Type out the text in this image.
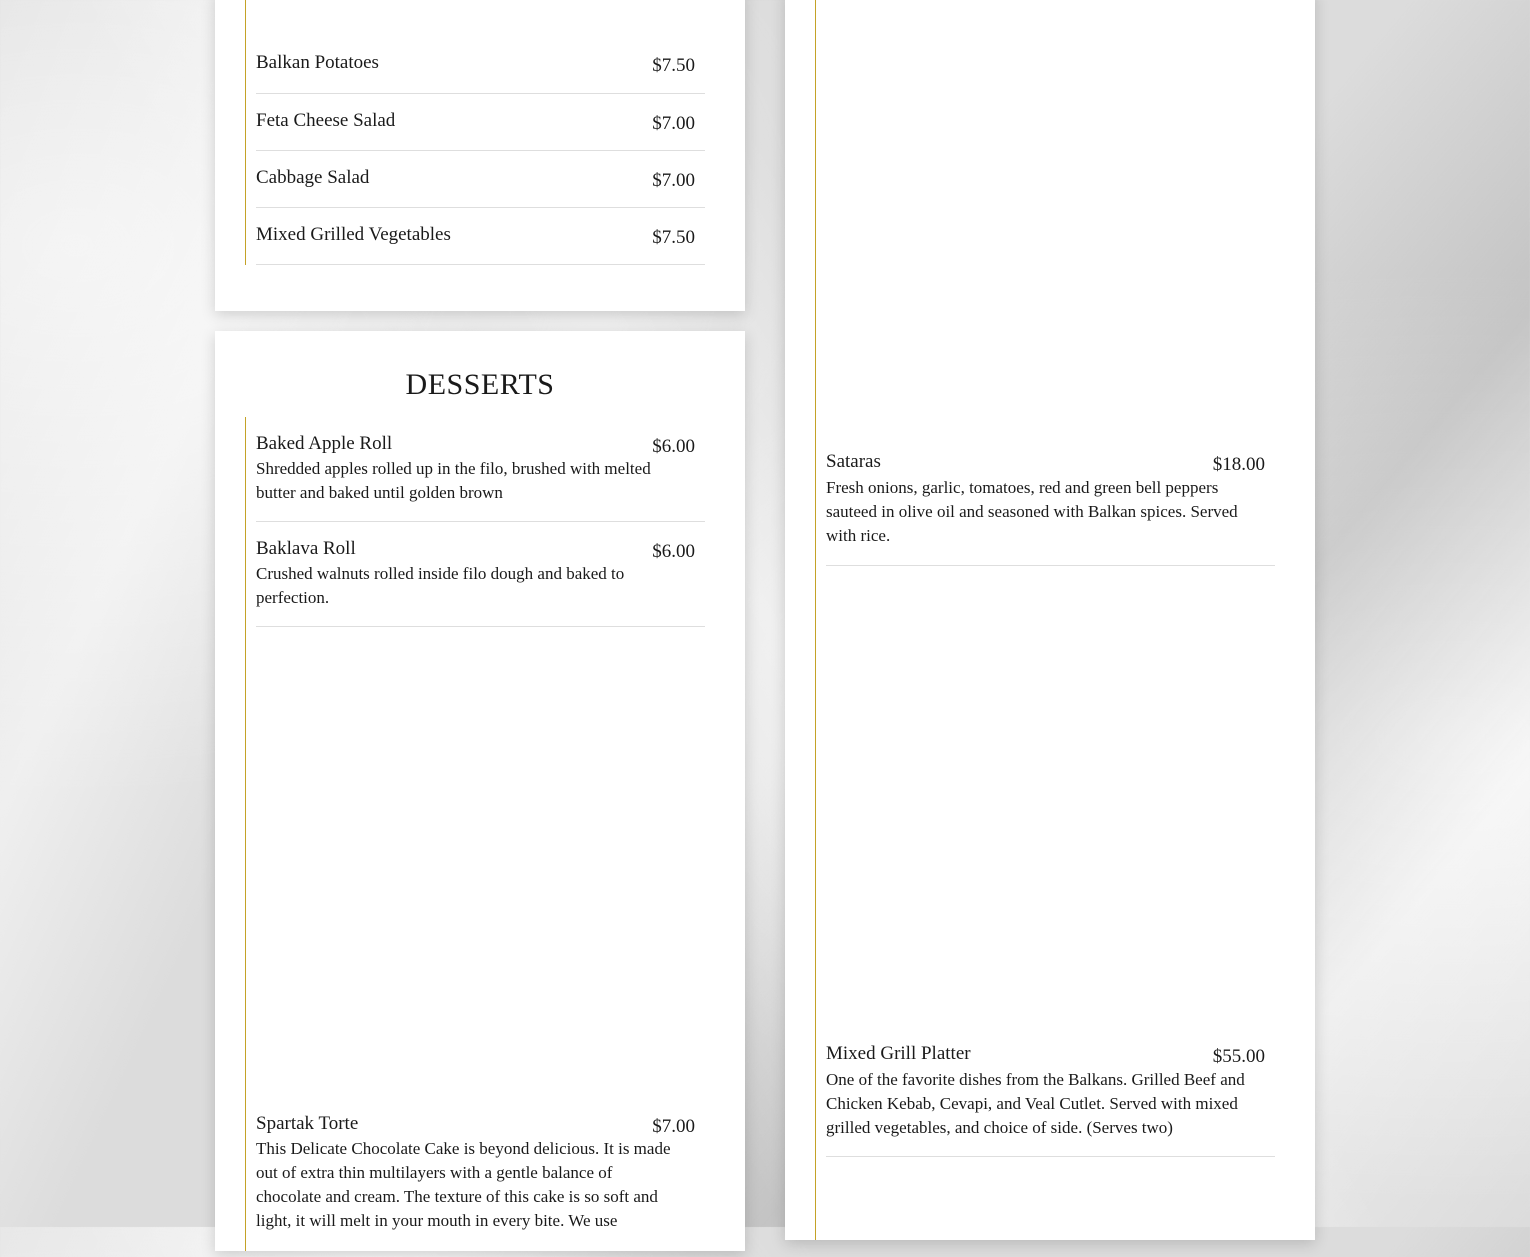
Balkan Potatoes	$7.50
Feta Cheese Salad	$7.00
Cabbage Salad	$7.00
Mixed Grilled Vegetables	$7.50
DESSERTS
Baked Apple Roll	$6.00
Shredded apples rolled up in the filo, brushed with melted butter and baked until golden brown
Baklava Roll	$6.00
Crushed walnuts rolled inside filo dough and baked to perfection.
Spartak Torte	$7.00
This Delicate Chocolate Cake is beyond delicious. It is made out of extra thin multilayers with a gentle balance of chocolate and cream. The texture of this cake is so soft and light, it will melt in your mouth in every bite. We use
Sataras	$18.00
Fresh onions, garlic, tomatoes, red and green bell peppers sauteed in olive oil and seasoned with Balkan spices. Served with rice.
Mixed Grill Platter	$55.00
One of the favorite dishes from the Balkans. Grilled Beef and Chicken Kebab, Cevapi, and Veal Cutlet. Served with mixed grilled vegetables, and choice of side. (Serves two)
